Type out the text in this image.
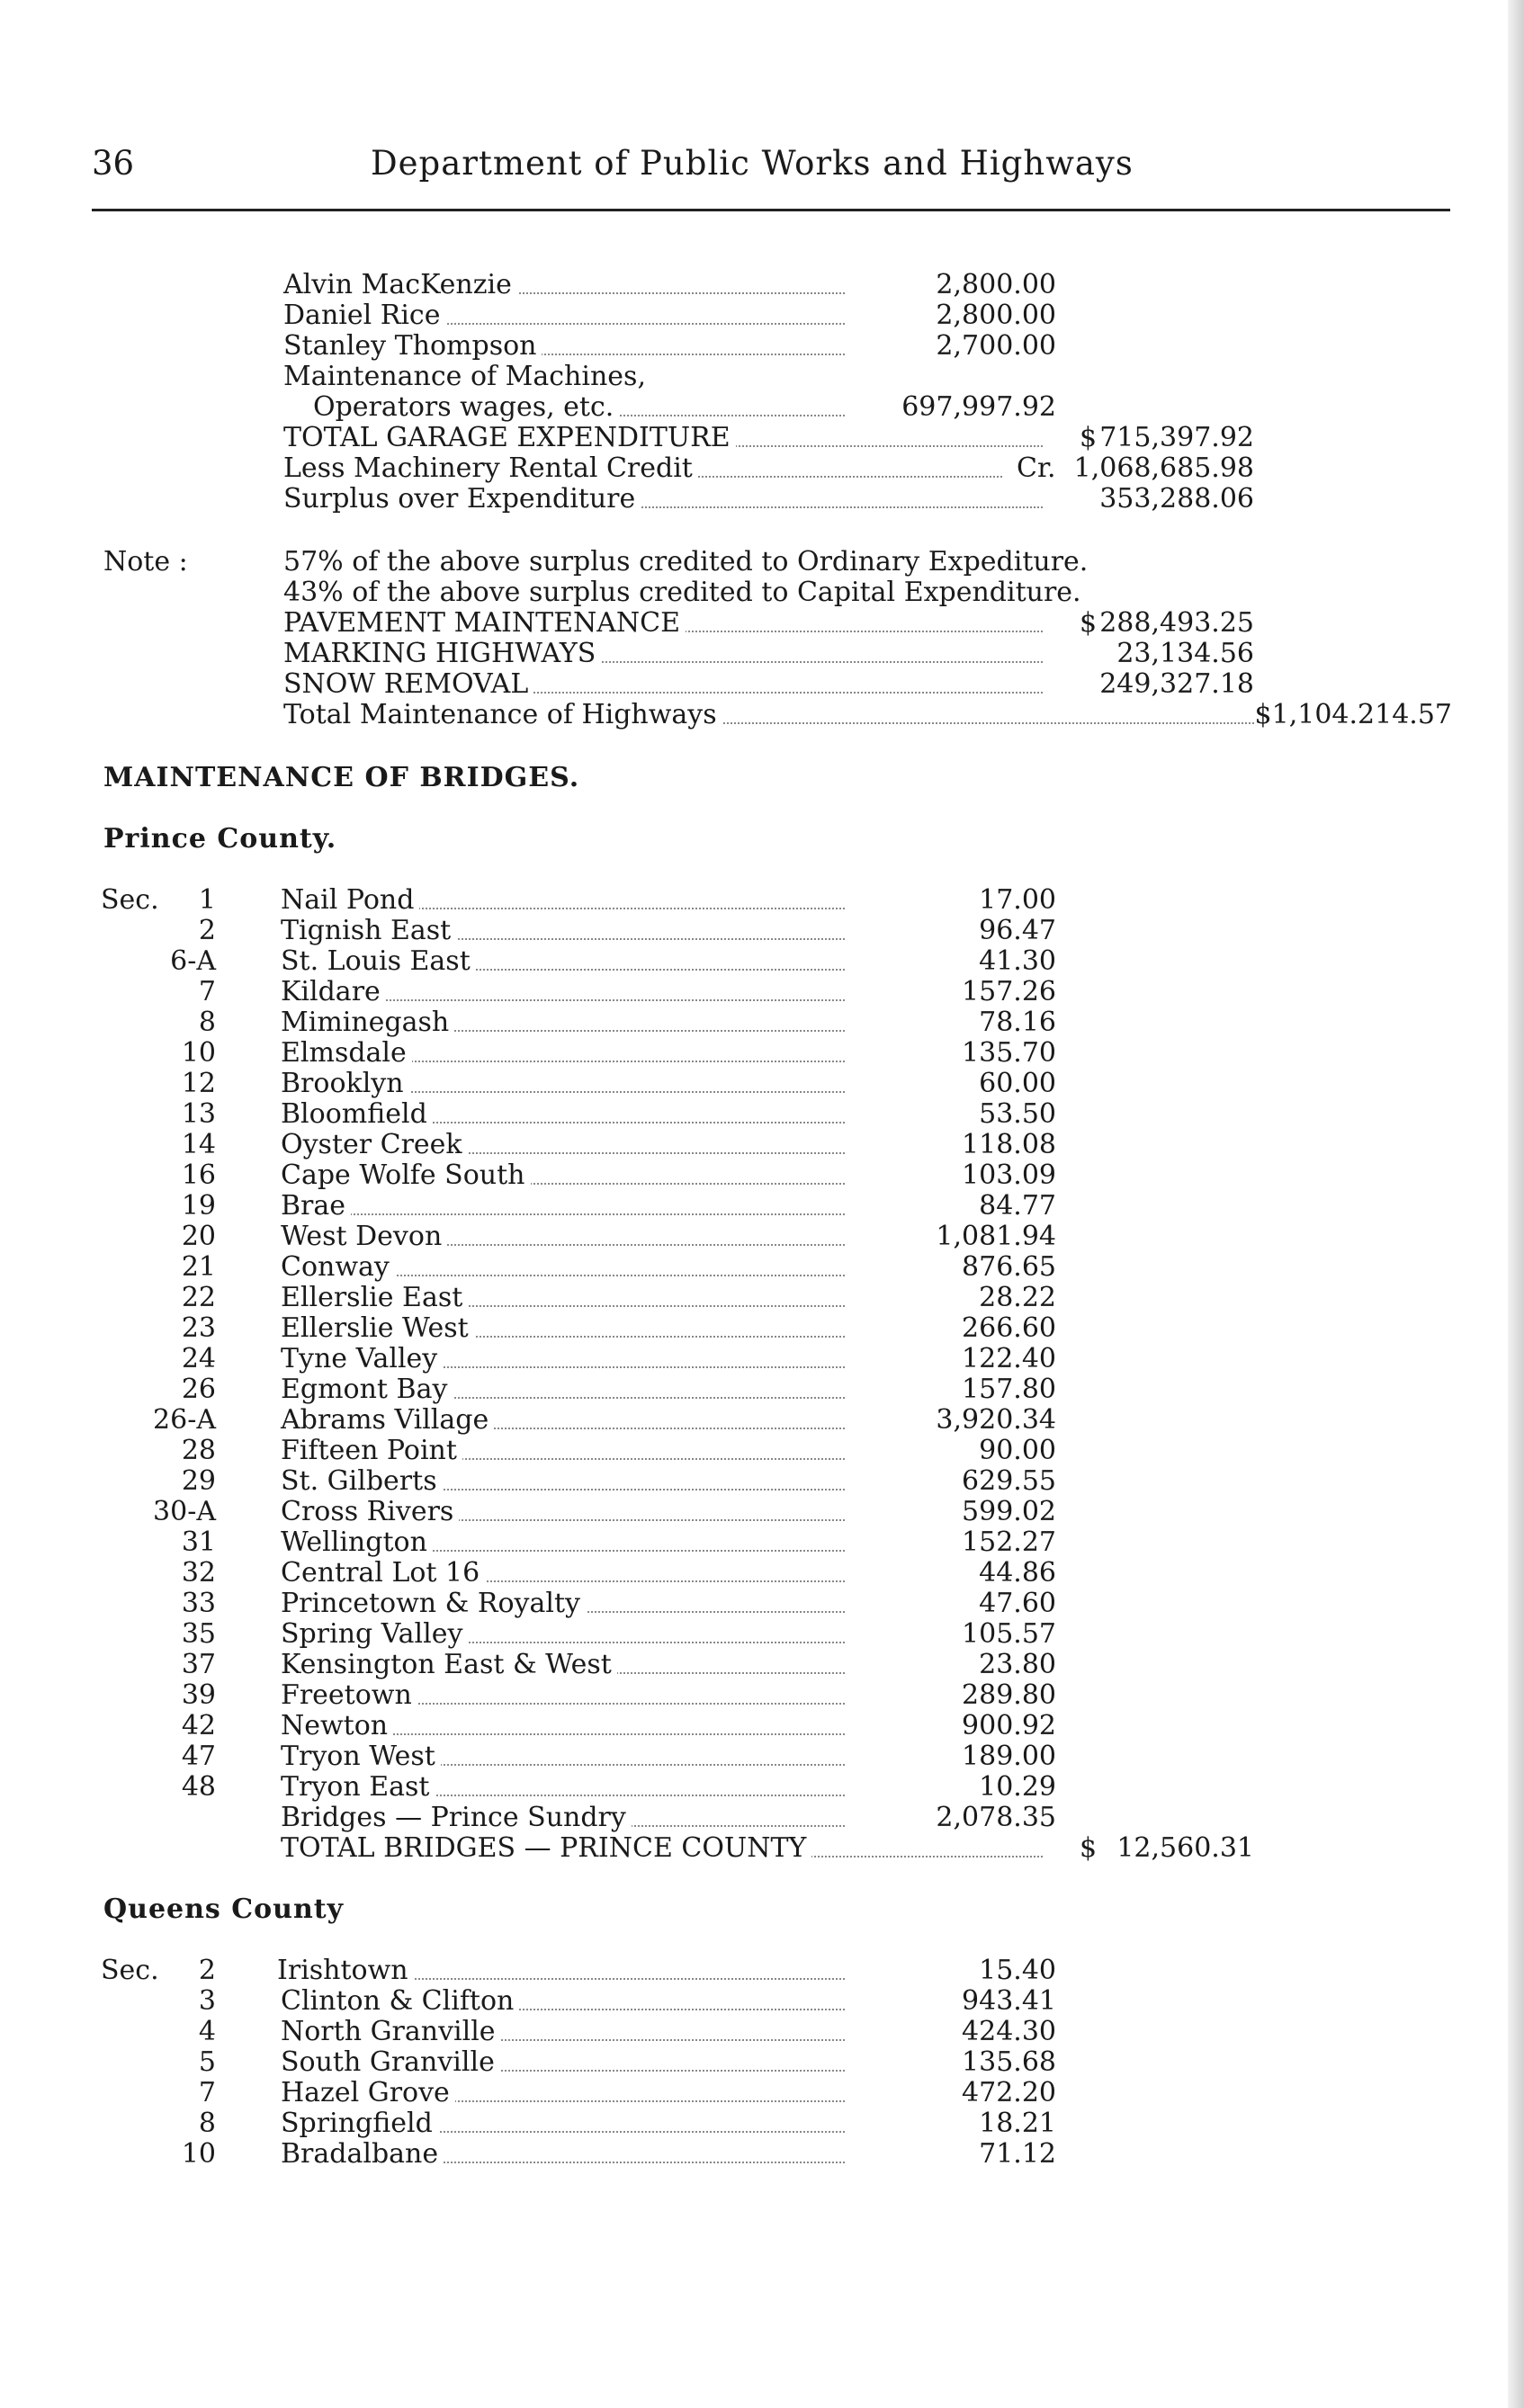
36	Department of Public Works and Highways
Alvin MacKenzie	2,800.00
Daniel Rice	2,800.00
Stanley Thompson	2,700.00
Maintenance of Machines,
Operators wages, etc.	697,997.92
TOTAL GARAGE EXPENDITURE	$ 715,397.92
Less Machinery Rental Credit	Cr. 1,068,685.98
Surplus over Expenditure	353,288.06
Note :	57% of the above surplus credited to Ordinary Expediture.
43% of the above surplus credited to Capital Expenditure.
PAVEMENT MAINTENANCE	$ 288,493.25
MARKING HIGHWAYS	23,134.56
SNOW REMOVAL	249,327.18
Total Maintenance of Highways	$1,104.214.57
MAINTENANCE OF BRIDGES.
Prince County.
Sec.	1 Nail Pond	17.00
2 Tignish East	96.47
6-A St. Louis East	41.30
7 Kildare	157.26
8 Miminegash	78.16
10 Elmsdale	135.70
12 Brooklyn	60.00
13 Bloomfield	53.50
14 Oyster Creek	118.08
16 Cape Wolfe South	103.09
19 Brae	84.77
20 West Devon	1,081.94
21 Conway	876.65
22 Ellerslie East	28.22
23 Ellerslie West	266.60
24 Tyne Valley	122.40
26 Egmont Bay	157.80
26-A Abrams Village	3,920.34
28 Fifteen Point	90.00
29 St. Gilberts	629.55
30-A Cross Rivers	599.02
31 Wellington	152.27
32 Central Lot 16	44.86
33 Princetown & Royalty	47.60
35 Spring Valley	105.57
37 Kensington East & West	23.80
39 Freetown	289.80
42 Newton	900.92
47 Tryon West	189.00
48 Tryon East	10.29
Bridges — Prince Sundry	2,078.35
TOTAL BRIDGES — PRINCE COUNTY	$ 12,560.31
Queens County
Sec.	2 Irishtown	15.40
3 Clinton & Clifton	943.41
4 North Granville	424.30
5 South Granville	135.68
7 Hazel Grove	472.20
8 Springfield	18.21
10 Bradalbane	71.12
